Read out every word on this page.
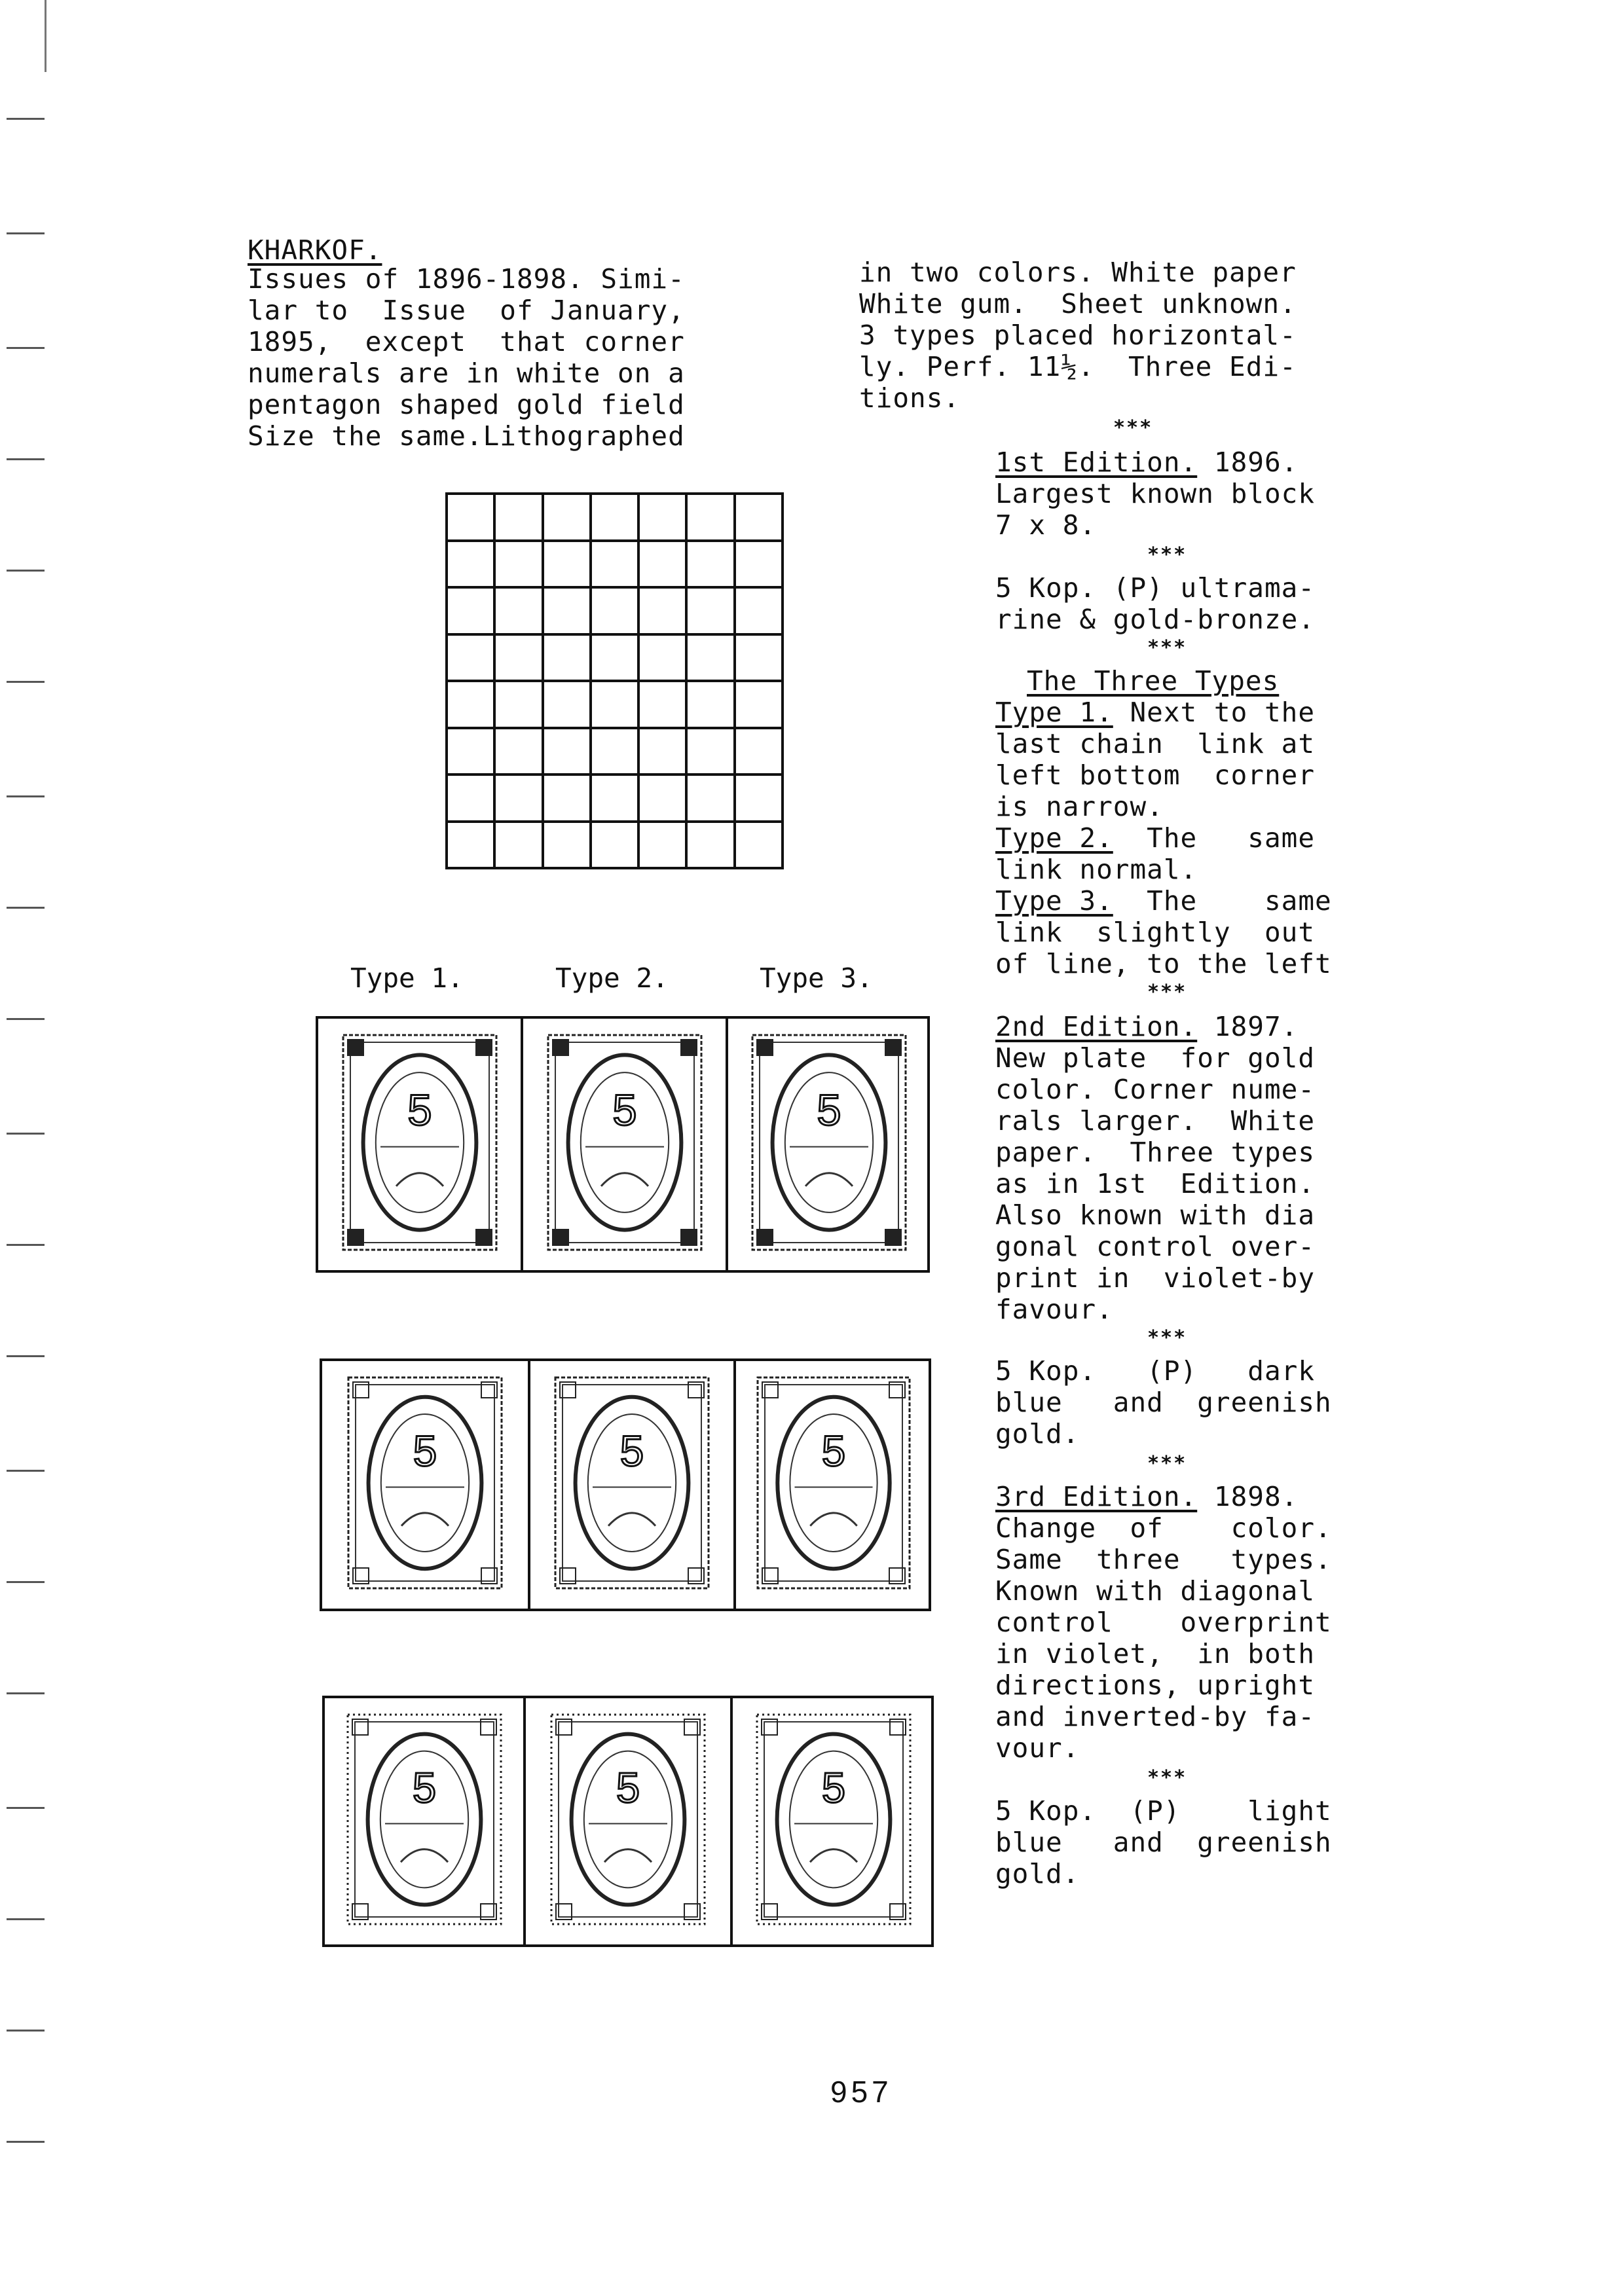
KHARKOF.
Issues of 1896-1898. Simi-
lar to  Issue  of January,
1895,  except  that corner
numerals are in white on a
pentagon shaped gold field
Size the same.Lithographed
Type 1.	Type 2.	Type 3.
5	5	5
5	5	5
5	5	5
in two colors. White paper
White gum.  Sheet unknown.
3 types placed horizontal-
ly. Perf. 11½.  Three Edi-
tions.
***
1st Edition. 1896.
Largest known block
7 x 8.
***
5 Kop. (P) ultrama-
rine & gold-bronze.
***
The Three Types
Type 1. Next to the
last chain  link at
left bottom  corner
is narrow.
Type 2.  The   same
link normal.
Type 3.  The    same
link  slightly  out
of line, to the left
***
2nd Edition. 1897.
New plate  for gold
color. Corner nume-
rals larger.  White
paper.  Three types
as in 1st  Edition.
Also known with dia
gonal control over-
print in  violet-by
favour.
***
5 Kop.   (P)   dark
blue   and  greenish
gold.
***
3rd Edition. 1898.
Change  of    color.
Same  three   types.
Known with diagonal
control    overprint
in violet,  in both
directions, upright
and inverted-by fa-
vour.
***
5 Kop.  (P)    light
blue   and  greenish
gold.
957
